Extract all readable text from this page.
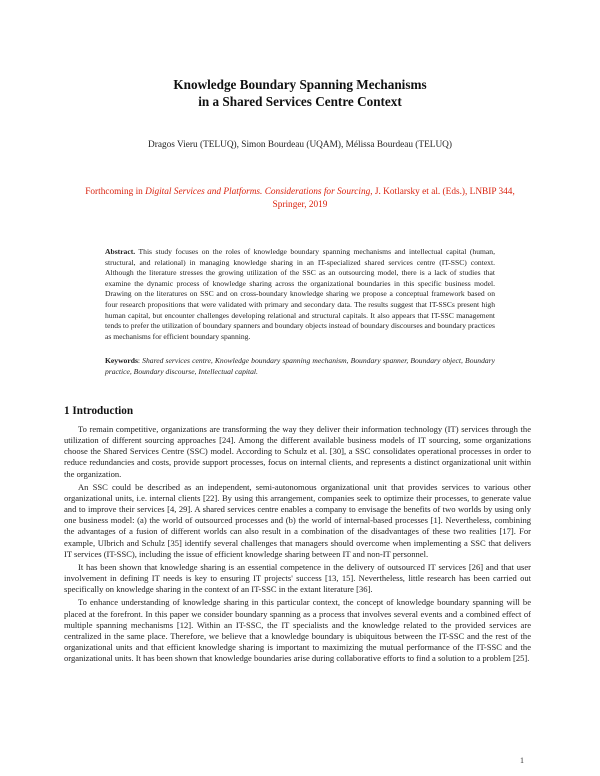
Knowledge Boundary Spanning Mechanisms
in a Shared Services Centre Context
Dragos Vieru (TELUQ), Simon Bourdeau (UQAM), Mélissa Bourdeau (TELUQ)
Forthcoming in Digital Services and Platforms. Considerations for Sourcing, J. Kotlarsky et al. (Eds.), LNBIP 344,
Springer, 2019
Abstract. This study focuses on the roles of knowledge boundary spanning mechanisms and intellectual capital (human, structural, and relational) in managing knowledge sharing in an IT-specialized shared services centre (IT-SSC) context. Although the literature stresses the growing utilization of the SSC as an outsourcing model, there is a lack of studies that examine the dynamic process of knowledge sharing across the organizational boundaries in this specific business model. Drawing on the literatures on SSC and on cross-boundary knowledge sharing we propose a conceptual framework based on four research propositions that were validated with primary and secondary data. The results suggest that IT-SSCs present high human capital, but encounter challenges developing relational and structural capitals. It also appears that IT-SSC management tends to prefer the utilization of boundary spanners and boundary objects instead of boundary discourses and boundary practices as mechanisms for efficient boundary spanning.
Keywords: Shared services centre, Knowledge boundary spanning mechanism, Boundary spanner, Boundary object, Boundary practice, Boundary discourse, Intellectual capital.
1 Introduction

To remain competitive, organizations are transforming the way they deliver their information technology (IT) services through the utilization of different sourcing approaches [24]. Among the different available business models of IT sourcing, some organizations choose the Shared Services Centre (SSC) model. According to Schulz et al. [30], a SSC consolidates operational processes in order to reduce redundancies and costs, provide support processes, focus on internal clients, and represents a distinct organizational unit within the organization.

An SSC could be described as an independent, semi-autonomous organizational unit that provides services to various other organizational units, i.e. internal clients [22]. By using this arrangement, companies seek to optimize their processes, to generate value and to improve their services [4, 29]. A shared services centre enables a company to envisage the benefits of two worlds by using only one business model: (a) the world of outsourced processes and (b) the world of internal-based processes [1]. Nevertheless, combining the advantages of a fusion of different worlds can also result in a combination of the disadvantages of these two realities [17]. For example, Ulbrich and Schulz [35] identify several challenges that managers should overcome when implementing a SSC that delivers IT services (IT-SSC), including the issue of efficient knowledge sharing between IT and non-IT personnel.

It has been shown that knowledge sharing is an essential competence in the delivery of outsourced IT services [26] and that user involvement in defining IT needs is key to ensuring IT projects' success [13, 15]. Nevertheless, little research has been carried out specifically on knowledge sharing in the context of an IT-SSC in the extant literature [36].

To enhance understanding of knowledge sharing in this particular context, the concept of knowledge boundary spanning will be placed at the forefront. In this paper we consider boundary spanning as a process that involves several events and a combined effect of multiple spanning mechanisms [12]. Within an IT-SSC, the IT specialists and the knowledge related to the provided services are centralized in the same place. Therefore, we believe that a knowledge boundary is ubiquitous between the IT-SSC and the rest of the organizational units and that efficient knowledge sharing is important to maximizing the mutual performance of the IT-SSC and the organizational units. It has been shown that knowledge boundaries arise during collaborative efforts to find a solution to a problem [25].

1
